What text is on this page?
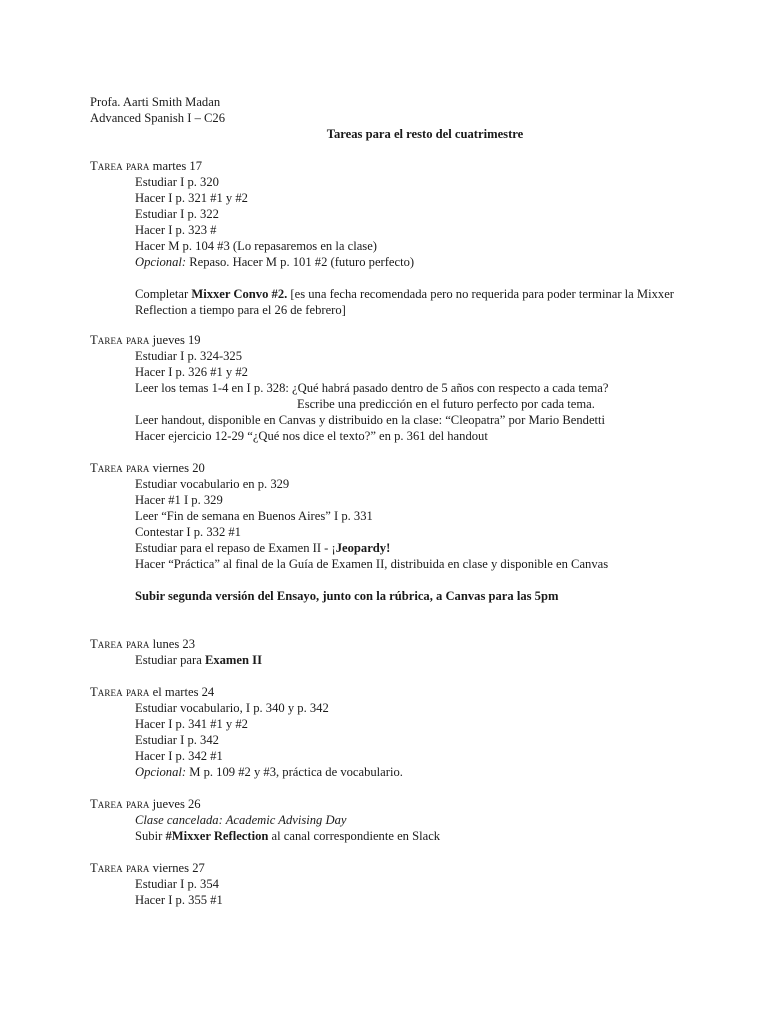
Profa. Aarti Smith Madan
Advanced Spanish I – C26
Tareas para el resto del cuatrimestre
Tarea para martes 17
Estudiar I p. 320
Hacer I p. 321 #1 y #2
Estudiar I p. 322
Hacer I p. 323 #
Hacer M p. 104 #3 (Lo repasaremos en la clase)
Opcional: Repaso. Hacer M p. 101 #2 (futuro perfecto)
Completar Mixxer Convo #2. [es una fecha recomendada pero no requerida para poder terminar la Mixxer Reflection a tiempo para el 26 de febrero]
Tarea para jueves 19
Estudiar I p. 324-325
Hacer I p. 326 #1 y #2
Leer los temas 1-4 en I p. 328: ¿Qué habrá pasado dentro de 5 años con respecto a cada tema?
Escribe una predicción en el futuro perfecto por cada tema.
Leer handout, disponible en Canvas y distribuido en la clase: “Cleopatra” por Mario Bendetti
Hacer ejercicio 12-29 “¿Qué nos dice el texto?” en p. 361 del handout
Tarea para viernes 20
Estudiar vocabulario en p. 329
Hacer #1 I p. 329
Leer “Fin de semana en Buenos Aires” I p. 331
Contestar I p. 332 #1
Estudiar para el repaso de Examen II - ¡Jeopardy!
Hacer “Práctica” al final de la Guía de Examen II, distribuida en clase y disponible en Canvas
Subir segunda versión del Ensayo, junto con la rúbrica, a Canvas para las 5pm
Tarea para lunes 23
Estudiar para Examen II
Tarea para el martes 24
Estudiar vocabulario, I p. 340 y p. 342
Hacer I p. 341 #1 y #2
Estudiar I p. 342
Hacer I p. 342 #1
Opcional: M p. 109 #2 y #3, práctica de vocabulario.
Tarea para jueves 26
Clase cancelada: Academic Advising Day
Subir #Mixxer Reflection al canal correspondiente en Slack
Tarea para viernes 27
Estudiar I p. 354
Hacer I p. 355 #1
